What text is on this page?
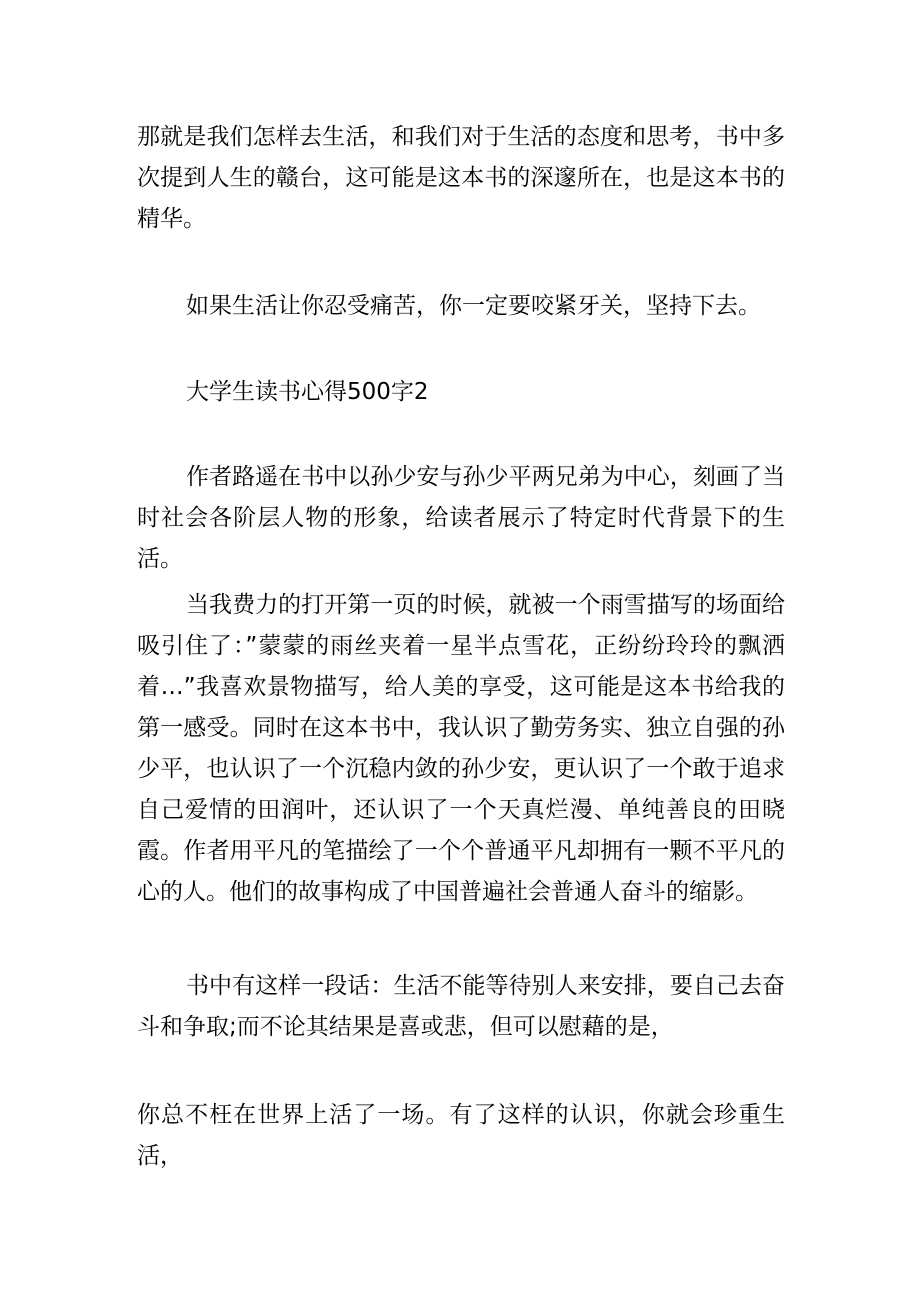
那就是我们怎样去生活，和我们对于生活的态度和思考，书中多次提到人生的赣台，这可能是这本书的深邃所在，也是这本书的精华。

如果生活让你忍受痛苦，你一定要咬紧牙关，坚持下去。

大学生读书心得500字2

作者路遥在书中以孙少安与孙少平两兄弟为中心，刻画了当时社会各阶层人物的形象，给读者展示了特定时代背景下的生活。

当我费力的打开第一页的时候，就被一个雨雪描写的场面给吸引住了：”蒙蒙的雨丝夹着一星半点雪花，正纷纷玲玲的飘洒着…”我喜欢景物描写，给人美的享受，这可能是这本书给我的第一感受。同时在这本书中，我认识了勤劳务实、独立自强的孙少平，也认识了一个沉稳内敛的孙少安，更认识了一个敢于追求自己爱情的田润叶，还认识了一个天真烂漫、单纯善良的田晓霞。作者用平凡的笔描绘了一个个普通平凡却拥有一颗不平凡的心的人。他们的故事构成了中国普遍社会普通人奋斗的缩影。

书中有这样一段话：生活不能等待别人来安排，要自己去奋斗和争取;而不论其结果是喜或悲，但可以慰藉的是，

你总不枉在世界上活了一场。有了这样的认识，你就会珍重生活，
